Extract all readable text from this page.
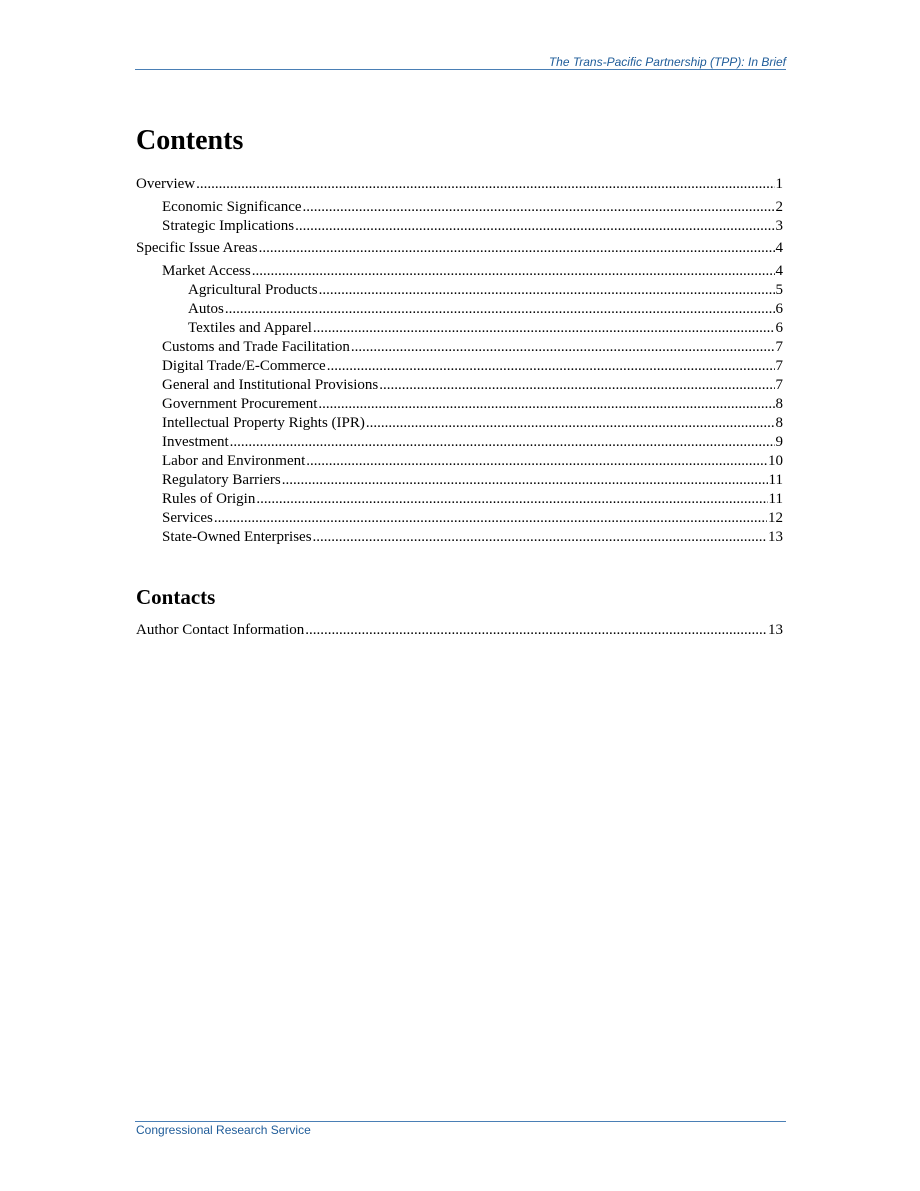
The Trans-Pacific Partnership (TPP): In Brief
Contents
Overview .....	1
Economic Significance .....	2
Strategic Implications .....	3
Specific Issue Areas .....	4
Market Access .....	4
Agricultural Products .....	5
Autos .....	6
Textiles and Apparel .....	6
Customs and Trade Facilitation .....	7
Digital Trade/E-Commerce .....	7
General and Institutional Provisions .....	7
Government Procurement .....	8
Intellectual Property Rights (IPR) .....	8
Investment .....	9
Labor and Environment .....	10
Regulatory Barriers .....	11
Rules of Origin .....	11
Services .....	12
State-Owned Enterprises .....	13
Contacts
Author Contact Information .....	13
Congressional Research Service
